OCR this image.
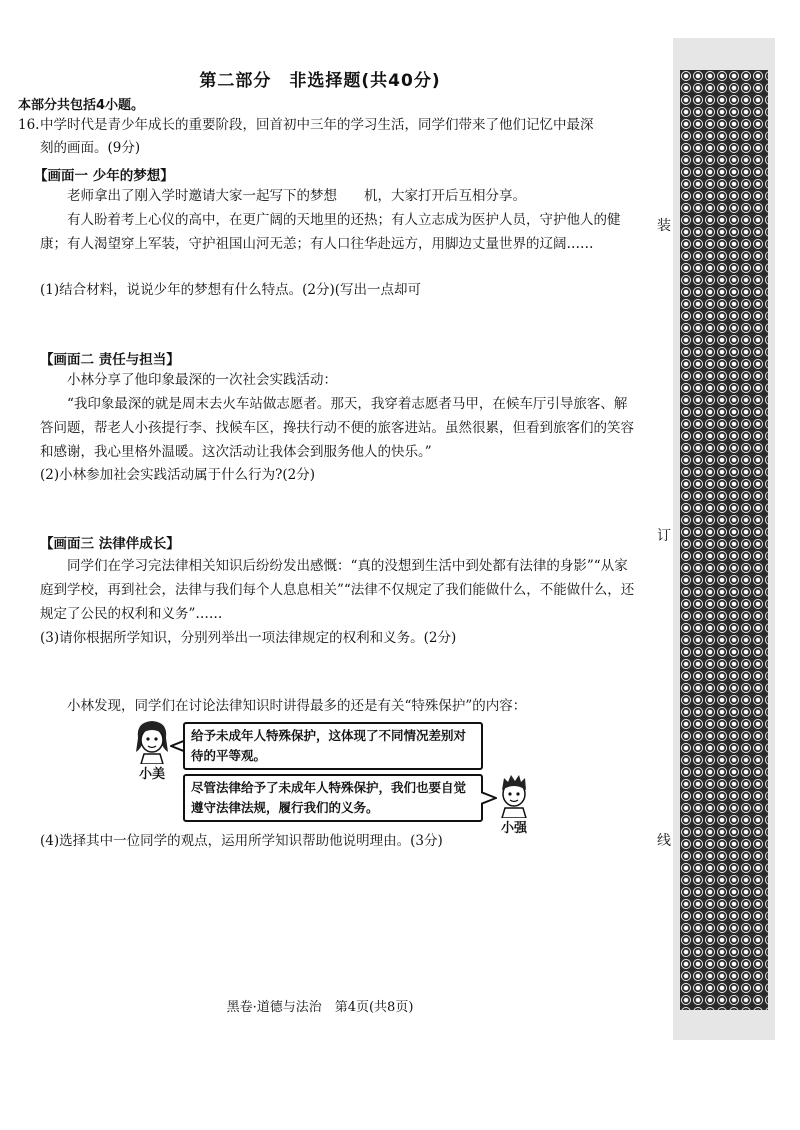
装
订
线
第二部分　非选择题(共40分)
本部分共包括4小题。
16. 中学时代是青少年成长的重要阶段，回首初中三年的学习生活，同学们带来了他们记忆中最深
刻的画面。(9分)
【画面一 少年的梦想】
老师拿出了刚入学时邀请大家一起写下的梦想　　机，大家打开后互相分享。
有人盼着考上心仪的高中，在更广阔的天地里的还热；有人立志成为医护人员，守护他人的健康；有人渴望穿上军装，守护祖国山河无恙；有人口往华赴远方，用脚边丈量世界的辽阔……
(1)结合材料，说说少年的梦想有什么特点。(2分)(写出一点却可
【画面二 责任与担当】
小林分享了他印象最深的一次社会实践活动：
“我印象最深的就是周末去火车站做志愿者。那天，我穿着志愿者马甲，在候车厅引导旅客、解答问题，帮老人小孩提行李、找候车区，搀扶行动不便的旅客进站。虽然很累，但看到旅客们的笑容和感谢，我心里格外温暖。这次活动让我体会到服务他人的快乐。”
(2)小林参加社会实践活动属于什么行为?(2分)
【画面三 法律伴成长】
同学们在学习完法律相关知识后纷纷发出感慨：“真的没想到生活中到处都有法律的身影”“从家庭到学校，再到社会，法律与我们每个人息息相关”“法律不仅规定了我们能做什么，不能做什么，还规定了公民的权利和义务”……
(3)请你根据所学知识，分别列举出一项法律规定的权利和义务。(2分)
小林发现，同学们在讨论法律知识时讲得最多的还是有关“特殊保护”的内容：
小美
给予未成年人特殊保护，这体现了不同情况差别对待的平等观。
尽管法律给予了未成年人特殊保护，我们也要自觉遵守法律法规，履行我们的义务。
小强
(4)选择其中一位同学的观点，运用所学知识帮助他说明理由。(3分)
黑卷·道德与法治　第4页(共8页)
